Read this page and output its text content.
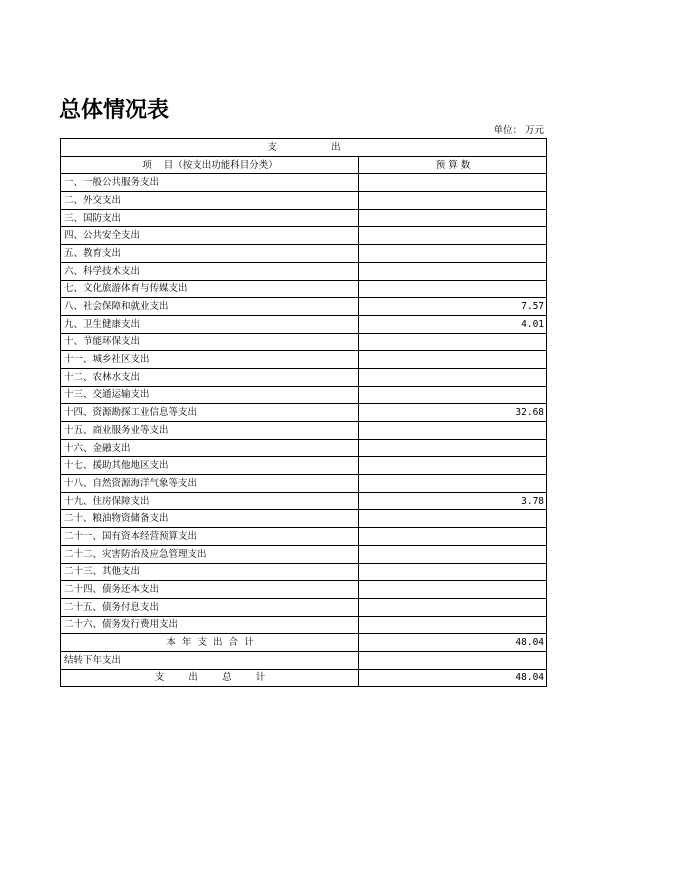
总体情况表
单位： 万元
支                  出	
项    目（按支出功能科目分类）	预 算 数
一、一般公共服务支出	
二、外交支出	
三、国防支出	
四、公共安全支出	
五、教育支出	
六、科学技术支出	
七、文化旅游体育与传媒支出	
八、社会保障和就业支出	7.57
九、卫生健康支出	4.01
十、节能环保支出	
十一、城乡社区支出	
十二、农林水支出	
十三、交通运输支出	
十四、资源勘探工业信息等支出	32.68
十五、商业服务业等支出	
十六、金融支出	
十七、援助其他地区支出	
十八、自然资源海洋气象等支出	
十九、住房保障支出	3.78
二十、粮油物资储备支出	
二十一、国有资本经营预算支出	
二十二、灾害防治及应急管理支出	
二十三、其他支出	
二十四、债务还本支出	
二十五、债务付息支出	
二十六、债务发行费用支出	
本  年  支  出  合  计	48.04
结转下年支出	
支        出        总        计	48.04
